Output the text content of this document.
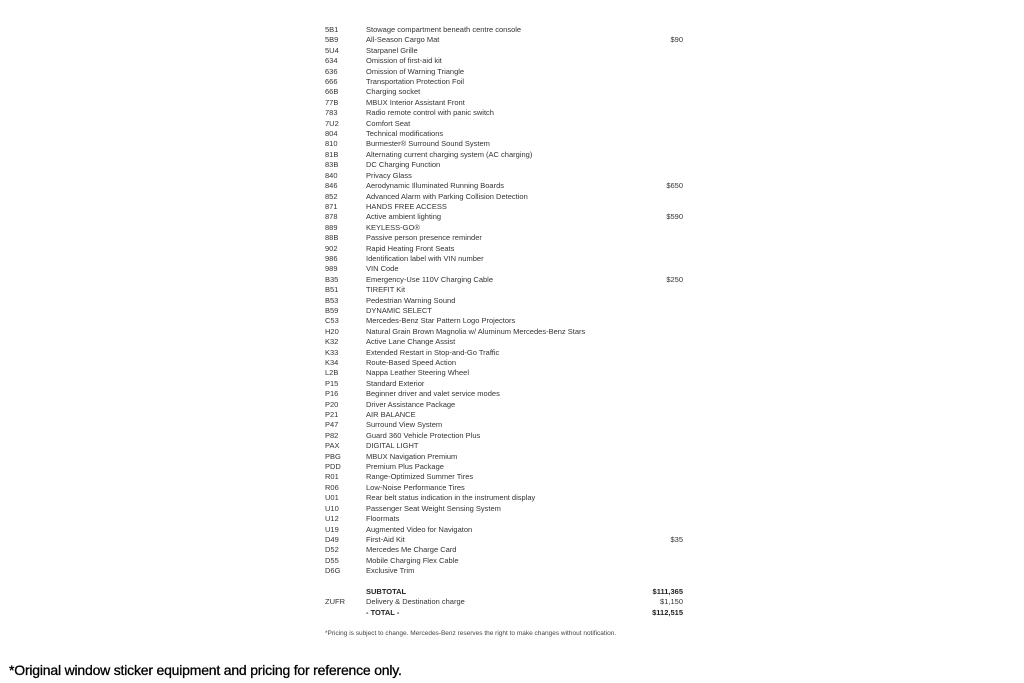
5B1	Stowage compartment beneath centre console
5B9	All-Season Cargo Mat	$90
5U4	Starpanel Grille
634	Omission of first-aid kit
636	Omission of Warning Triangle
666	Transportation Protection Foil
66B	Charging socket
77B	MBUX Interior Assistant Front
783	Radio remote control with panic switch
7U2	Comfort Seat
804	Technical modifications
810	Burmester® Surround Sound System
81B	Alternating current charging system (AC charging)
83B	DC Charging Function
840	Privacy Glass
846	Aerodynamic Illuminated Running Boards	$650
852	Advanced Alarm with Parking Collision Detection
871	HANDS FREE ACCESS
878	Active ambient lighting	$590
889	KEYLESS-GO®
88B	Passive person presence reminder
902	Rapid Heating Front Seats
986	Identification label with VIN number
989	VIN Code
B35	Emergency-Use 110V Charging Cable	$250
B51	TIREFIT Kit
B53	Pedestrian Warning Sound
B59	DYNAMIC SELECT
C53	Mercedes-Benz Star Pattern Logo Projectors
H20	Natural Grain Brown Magnolia w/ Aluminum Mercedes-Benz Stars
K32	Active Lane Change Assist
K33	Extended Restart in Stop-and-Go Traffic
K34	Route-Based Speed Action
L2B	Nappa Leather Steering Wheel
P15	Standard Exterior
P16	Beginner driver and valet service modes
P20	Driver Assistance Package
P21	AIR BALANCE
P47	Surround View System
P82	Guard 360 Vehicle Protection Plus
PAX	DIGITAL LIGHT
PBG	MBUX Navigation Premium
PDD	Premium Plus Package
R01	Range-Optimized Summer Tires
R06	Low-Noise Performance Tires
U01	Rear belt status indication in the instrument display
U10	Passenger Seat Weight Sensing System
U12	Floormats
U19	Augmented Video for Navigaton
D49	First-Aid Kit	$35
D52	Mercedes Me Charge Card
D55	Mobile Charging Flex Cable
D6G	Exclusive Trim
SUBTOTAL	$111,365
ZUFR	Delivery & Destination charge	$1,150
- TOTAL -	$112,515
*Pricing is subject to change. Mercedes-Benz reserves the right to make changes without notification.
*Original window sticker equipment and pricing for reference only.
